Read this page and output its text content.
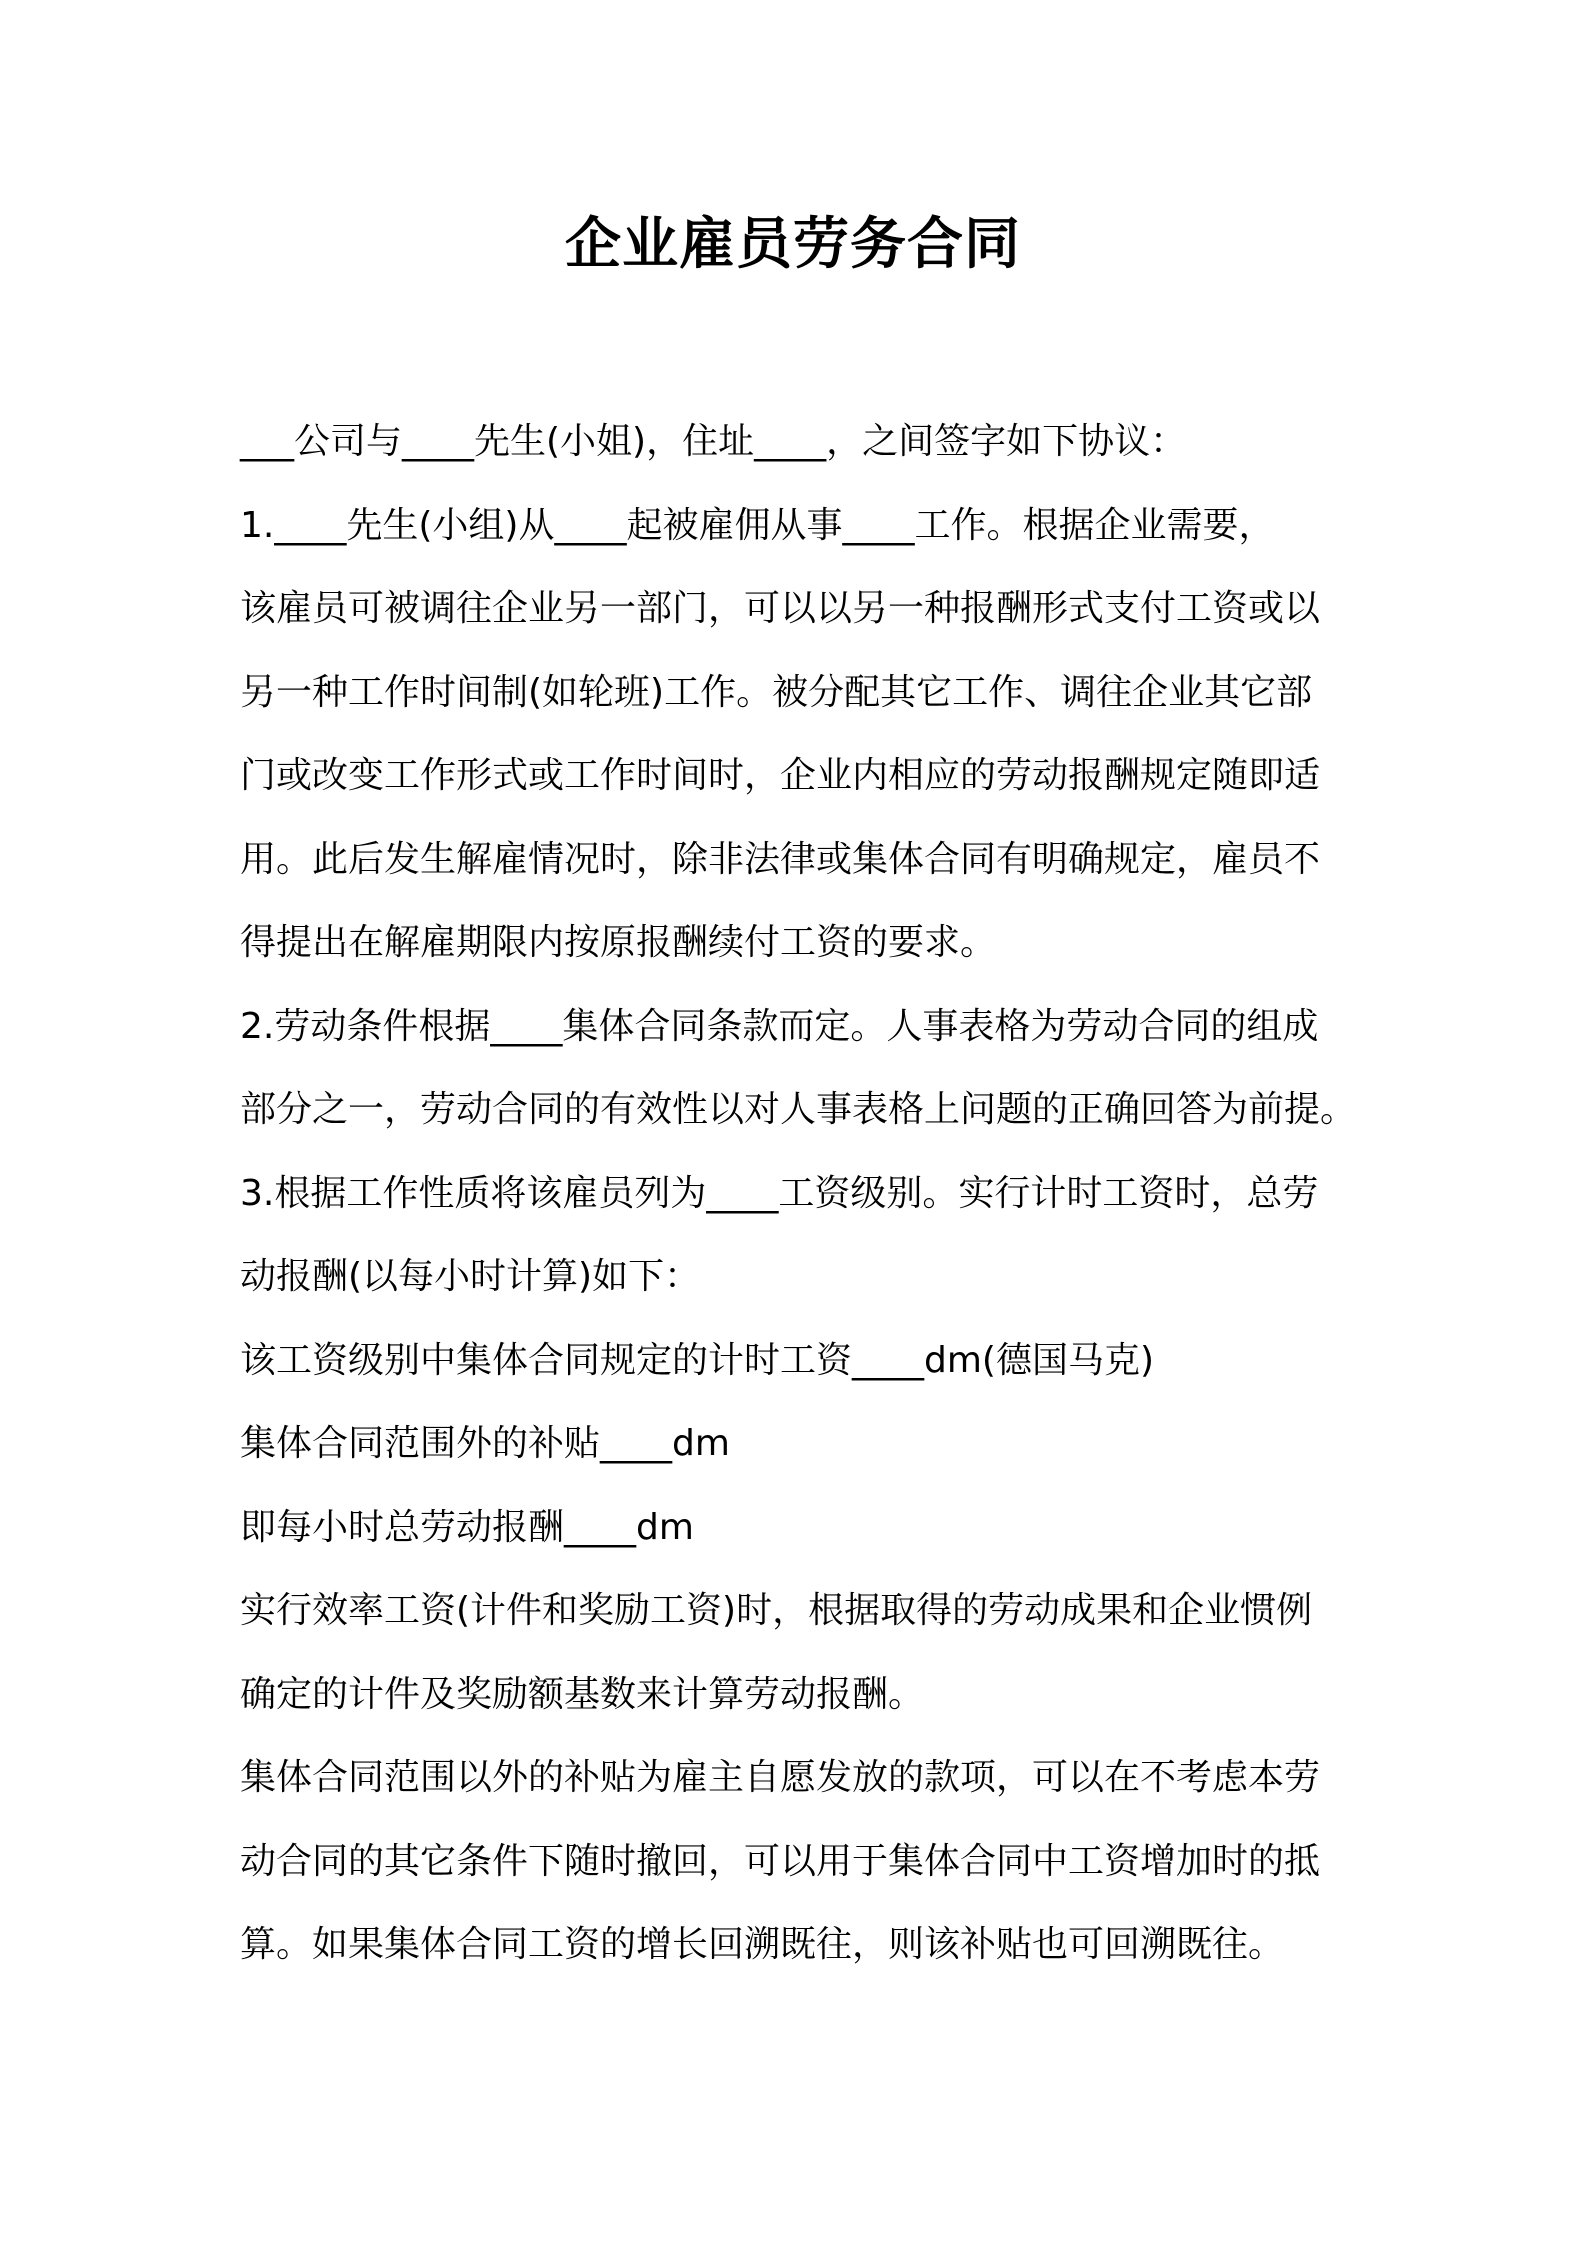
企业雇员劳务合同
___公司与____先生(小姐)，住址____，之间签字如下协议：
1.____先生(小组)从____起被雇佣从事____工作。根据企业需要，
该雇员可被调往企业另一部门，可以以另一种报酬形式支付工资或以
另一种工作时间制(如轮班)工作。被分配其它工作、调往企业其它部
门或改变工作形式或工作时间时，企业内相应的劳动报酬规定随即适
用。此后发生解雇情况时，除非法律或集体合同有明确规定，雇员不
得提出在解雇期限内按原报酬续付工资的要求。
2.劳动条件根据____集体合同条款而定。人事表格为劳动合同的组成
部分之一，劳动合同的有效性以对人事表格上问题的正确回答为前提。
3.根据工作性质将该雇员列为____工资级别。实行计时工资时，总劳
动报酬(以每小时计算)如下：
该工资级别中集体合同规定的计时工资____dm(德国马克)
集体合同范围外的补贴____dm
即每小时总劳动报酬____dm
实行效率工资(计件和奖励工资)时，根据取得的劳动成果和企业惯例
确定的计件及奖励额基数来计算劳动报酬。
集体合同范围以外的补贴为雇主自愿发放的款项，可以在不考虑本劳
动合同的其它条件下随时撤回，可以用于集体合同中工资增加时的抵
算。如果集体合同工资的增长回溯既往，则该补贴也可回溯既往。
